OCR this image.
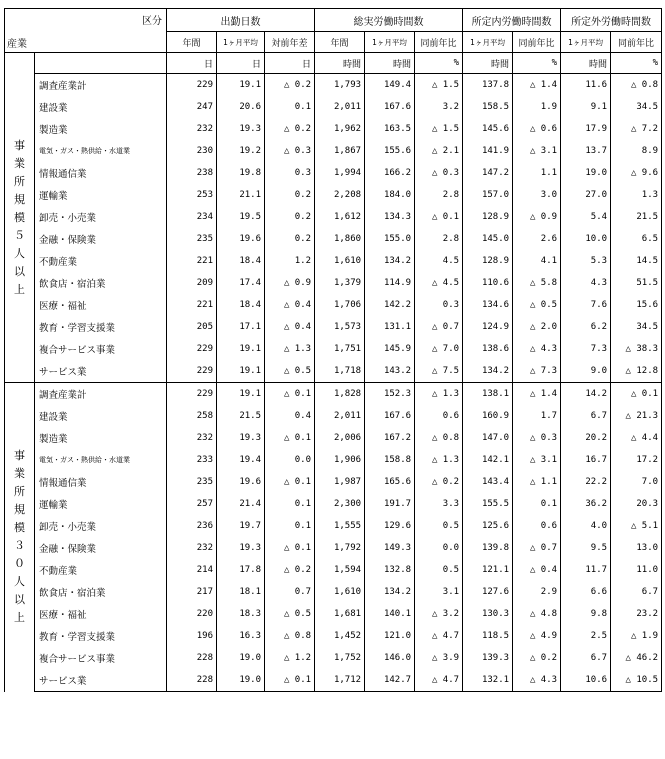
区分
産業		出勤日数			総実労働時間数			所定内労働時間数		所定外労働時間数	
		年間	1ヶ月平均	対前年差	年間	1ヶ月平均	同前年比	1ヶ月平均	同前年比	1ヶ月平均	同前年比
事業所規模５人以上		日	日	日	時間	時間	%	時間	%	時間	%
	調査産業計	229	19.1	△ 0.2	1,793	149.4	△ 1.5	137.8	△ 1.4	11.6	△ 0.8
	建設業	247	20.6	0.1	2,011	167.6	3.2	158.5	1.9	9.1	34.5
	製造業	232	19.3	△ 0.2	1,962	163.5	△ 1.5	145.6	△ 0.6	17.9	△ 7.2
	電気・ガス・熱供給・水道業	230	19.2	△ 0.3	1,867	155.6	△ 2.1	141.9	△ 3.1	13.7	8.9
	情報通信業	238	19.8	0.3	1,994	166.2	△ 0.3	147.2	1.1	19.0	△ 9.6
	運輸業	253	21.1	0.2	2,208	184.0	2.8	157.0	3.0	27.0	1.3
	卸売・小売業	234	19.5	0.2	1,612	134.3	△ 0.1	128.9	△ 0.9	5.4	21.5
	金融・保険業	235	19.6	0.2	1,860	155.0	2.8	145.0	2.6	10.0	6.5
	不動産業	221	18.4	1.2	1,610	134.2	4.5	128.9	4.1	5.3	14.5
	飲食店・宿泊業	209	17.4	△ 0.9	1,379	114.9	△ 4.5	110.6	△ 5.8	4.3	51.5
	医療・福祉	221	18.4	△ 0.4	1,706	142.2	0.3	134.6	△ 0.5	7.6	15.6
	教育・学習支援業	205	17.1	△ 0.4	1,573	131.1	△ 0.7	124.9	△ 2.0	6.2	34.5
	複合サービス事業	229	19.1	△ 1.3	1,751	145.9	△ 7.0	138.6	△ 4.3	7.3	△ 38.3
	サービス業	229	19.1	△ 0.5	1,718	143.2	△ 7.5	134.2	△ 7.3	9.0	△ 12.8
事業所規模３０人以上	調査産業計	229	19.1	△ 0.1	1,828	152.3	△ 1.3	138.1	△ 1.4	14.2	△ 0.1
	建設業	258	21.5	0.4	2,011	167.6	0.6	160.9	1.7	6.7	△ 21.3
	製造業	232	19.3	△ 0.1	2,006	167.2	△ 0.8	147.0	△ 0.3	20.2	△ 4.4
	電気・ガス・熱供給・水道業	233	19.4	0.0	1,906	158.8	△ 1.3	142.1	△ 3.1	16.7	17.2
	情報通信業	235	19.6	△ 0.1	1,987	165.6	△ 0.2	143.4	△ 1.1	22.2	7.0
	運輸業	257	21.4	0.1	2,300	191.7	3.3	155.5	0.1	36.2	20.3
	卸売・小売業	236	19.7	0.1	1,555	129.6	0.5	125.6	0.6	4.0	△ 5.1
	金融・保険業	232	19.3	△ 0.1	1,792	149.3	0.0	139.8	△ 0.7	9.5	13.0
	不動産業	214	17.8	△ 0.2	1,594	132.8	0.5	121.1	△ 0.4	11.7	11.0
	飲食店・宿泊業	217	18.1	0.7	1,610	134.2	3.1	127.6	2.9	6.6	6.7
	医療・福祉	220	18.3	△ 0.5	1,681	140.1	△ 3.2	130.3	△ 4.8	9.8	23.2
	教育・学習支援業	196	16.3	△ 0.8	1,452	121.0	△ 4.7	118.5	△ 4.9	2.5	△ 1.9
	複合サービス事業	228	19.0	△ 1.2	1,752	146.0	△ 3.9	139.3	△ 0.2	6.7	△ 46.2
	サービス業	228	19.0	△ 0.1	1,712	142.7	△ 4.7	132.1	△ 4.3	10.6	△ 10.5
